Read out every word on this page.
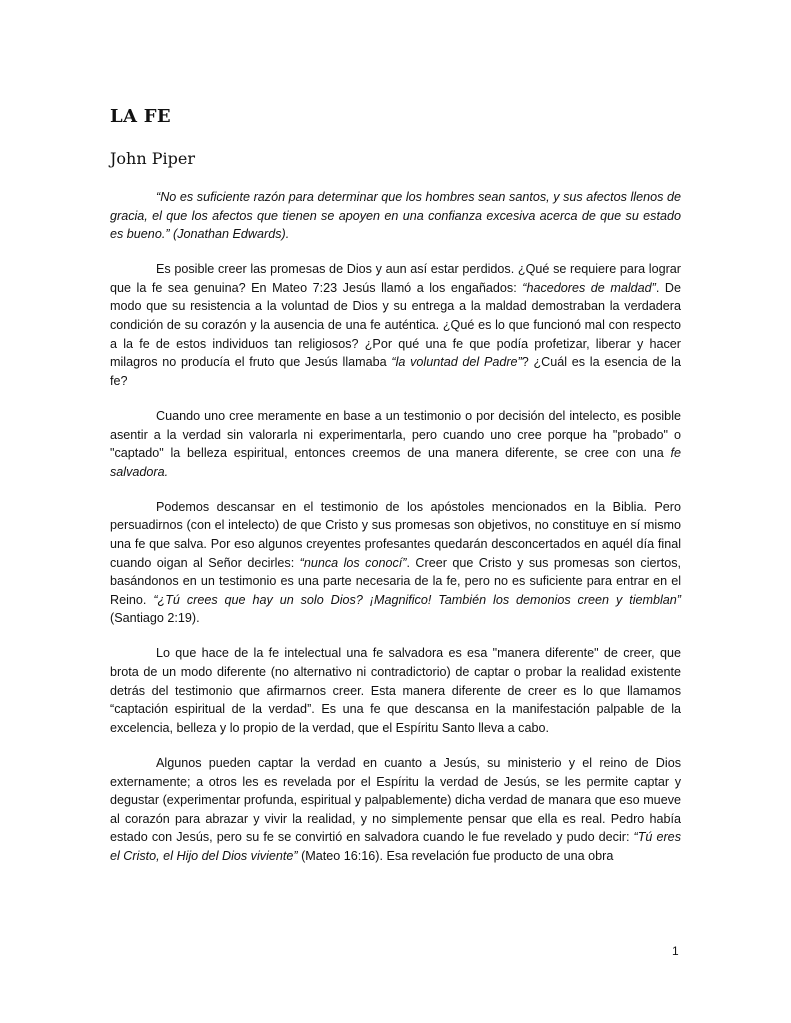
LA FE
John Piper

“No es suficiente razón para determinar que los hombres sean santos, y sus afectos llenos de gracia, el que los afectos que tienen se apoyen en una confianza excesiva acerca de que su estado es bueno.” (Jonathan Edwards).

Es posible creer las promesas de Dios y aun así estar perdidos. ¿Qué se requiere para lograr que la fe sea genuina? En Mateo 7:23 Jesús llamó a los engañados: “hacedores de maldad”. De modo que su resistencia a la voluntad de Dios y su entrega a la maldad demostraban la verdadera condición de su corazón y la ausencia de una fe auténtica. ¿Qué es lo que funcionó mal con respecto a la fe de estos individuos tan religiosos? ¿Por qué una fe que podía profetizar, liberar y hacer milagros no producía el fruto que Jesús llamaba “la voluntad del Padre”? ¿Cuál es la esencia de la fe?

Cuando uno cree meramente en base a un testimonio o por decisión del intelecto, es posible asentir a la verdad sin valorarla ni experimentarla, pero cuando uno cree porque ha "probado" o "captado" la belleza espiritual, entonces creemos de una manera diferente, se cree con una fe salvadora.

Podemos descansar en el testimonio de los apóstoles mencionados en la Biblia. Pero persuadirnos (con el intelecto) de que Cristo y sus promesas son objetivos, no constituye en sí mismo una fe que salva. Por eso algunos creyentes profesantes quedarán desconcertados en aquél día final cuando oigan al Señor decirles: “nunca los conocí”. Creer que Cristo y sus promesas son ciertos, basándonos en un testimonio es una parte necesaria de la fe, pero no es suficiente para entrar en el Reino. “¿Tú crees que hay un solo Dios? ¡Magnifico! También los demonios creen y tiemblan” (Santiago 2:19).

Lo que hace de la fe intelectual una fe salvadora es esa "manera diferente" de creer, que brota de un modo diferente (no alternativo ni contradictorio) de captar o probar la realidad existente detrás del testimonio que afirmarnos creer. Esta manera diferente de creer es lo que llamamos “captación espiritual de la verdad”. Es una fe que descansa en la manifestación palpable de la excelencia, belleza y lo propio de la verdad, que el Espíritu Santo lleva a cabo.

Algunos pueden captar la verdad en cuanto a Jesús, su ministerio y el reino de Dios externamente; a otros les es revelada por el Espíritu la verdad de Jesús, se les permite captar y degustar (experimentar profunda, espiritual y palpablemente) dicha verdad de manara que eso mueve al corazón para abrazar y vivir la realidad, y no simplemente pensar que ella es real. Pedro había estado con Jesús, pero su fe se convirtió en salvadora cuando le fue revelado y pudo decir: “Tú eres el Cristo, el Hijo del Dios viviente” (Mateo 16:16). Esa revelación fue producto de una obra

1
